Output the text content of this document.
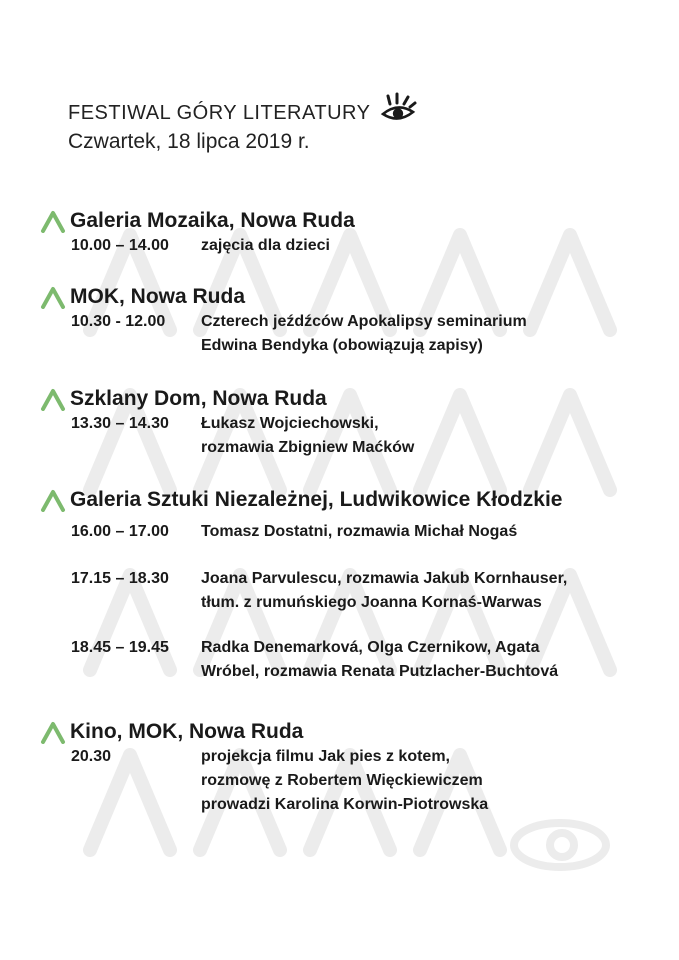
FESTIWAL GÓRY LITERATURY
Czwartek, 18 lipca 2019 r.
Galeria Mozaika, Nowa Ruda
10.00 – 14.00	zajęcia dla dzieci
MOK, Nowa Ruda
10.30 - 12.00	Czterech jeźdźców Apokalipsy seminarium
Edwina Bendyka (obowiązują zapisy)
Szklany Dom, Nowa Ruda
13.30 – 14.30	Łukasz Wojciechowski,
rozmawia Zbigniew Maćków
Galeria Sztuki Niezależnej, Ludwikowice Kłodzkie
16.00 – 17.00	Tomasz Dostatni, rozmawia Michał Nogaś
17.15 – 18.30	Joana Parvulescu, rozmawia Jakub Kornhauser,
tłum. z rumuńskiego Joanna Kornaś-Warwas
18.45 – 19.45	Radka Denemarková, Olga Czernikow, Agata
Wróbel, rozmawia Renata Putzlacher-Buchtová
Kino, MOK, Nowa Ruda
20.30	projekcja filmu Jak pies z kotem,
rozmowę z Robertem Więckiewiczem
prowadzi Karolina Korwin-Piotrowska
